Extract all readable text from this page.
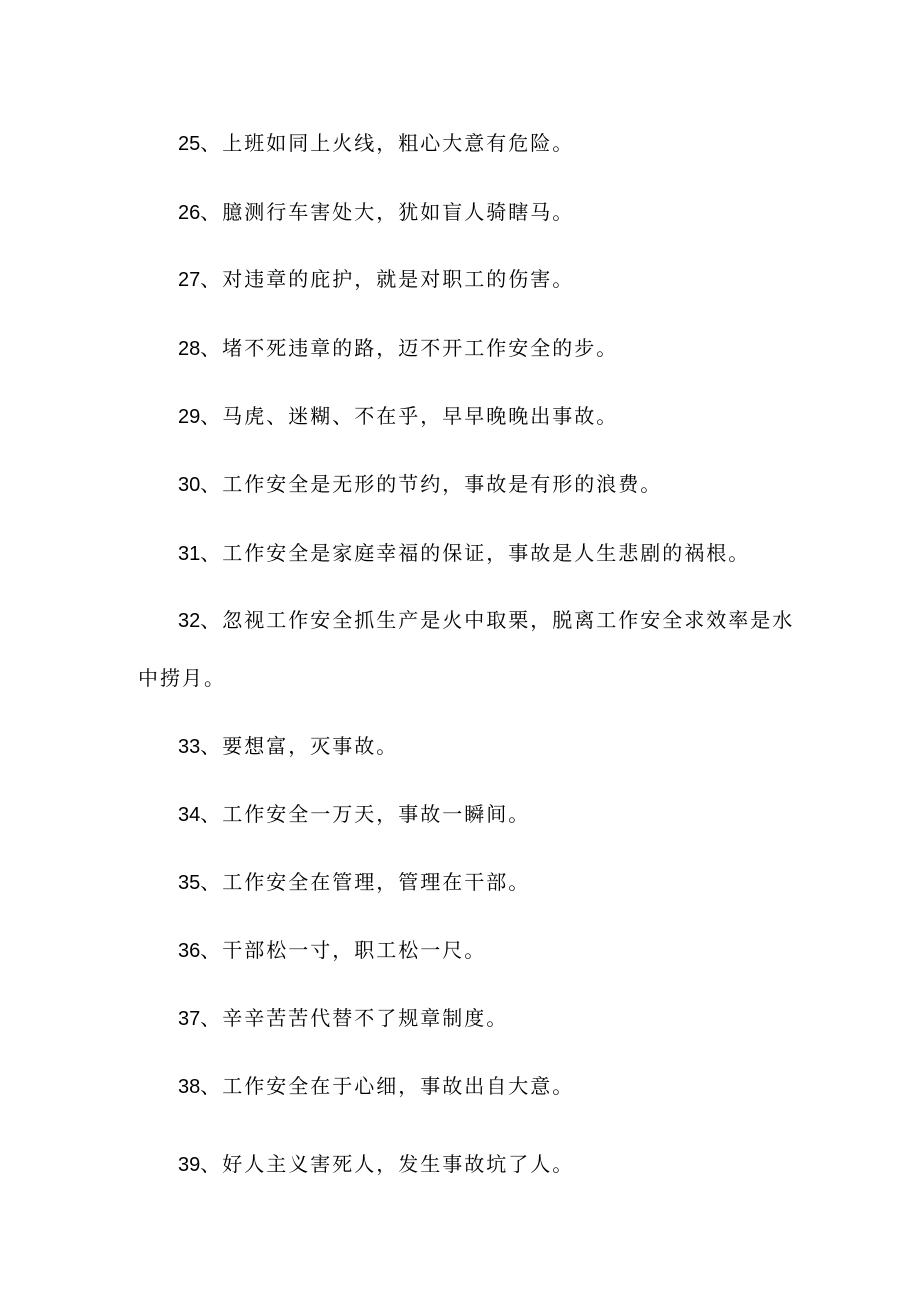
25、上班如同上火线，粗心大意有危险。
26、臆测行车害处大，犹如盲人骑瞎马。
27、对违章的庇护，就是对职工的伤害。
28、堵不死违章的路，迈不开工作安全的步。
29、马虎、迷糊、不在乎，早早晚晚出事故。
30、工作安全是无形的节约，事故是有形的浪费。
31、工作安全是家庭幸福的保证，事故是人生悲剧的祸根。
32、忽视工作安全抓生产是火中取栗，脱离工作安全求效率是水
中捞月。
33、要想富，灭事故。
34、工作安全一万天，事故一瞬间。
35、工作安全在管理，管理在干部。
36、干部松一寸，职工松一尺。
37、辛辛苦苦代替不了规章制度。
38、工作安全在于心细，事故出自大意。
39、好人主义害死人，发生事故坑了人。
